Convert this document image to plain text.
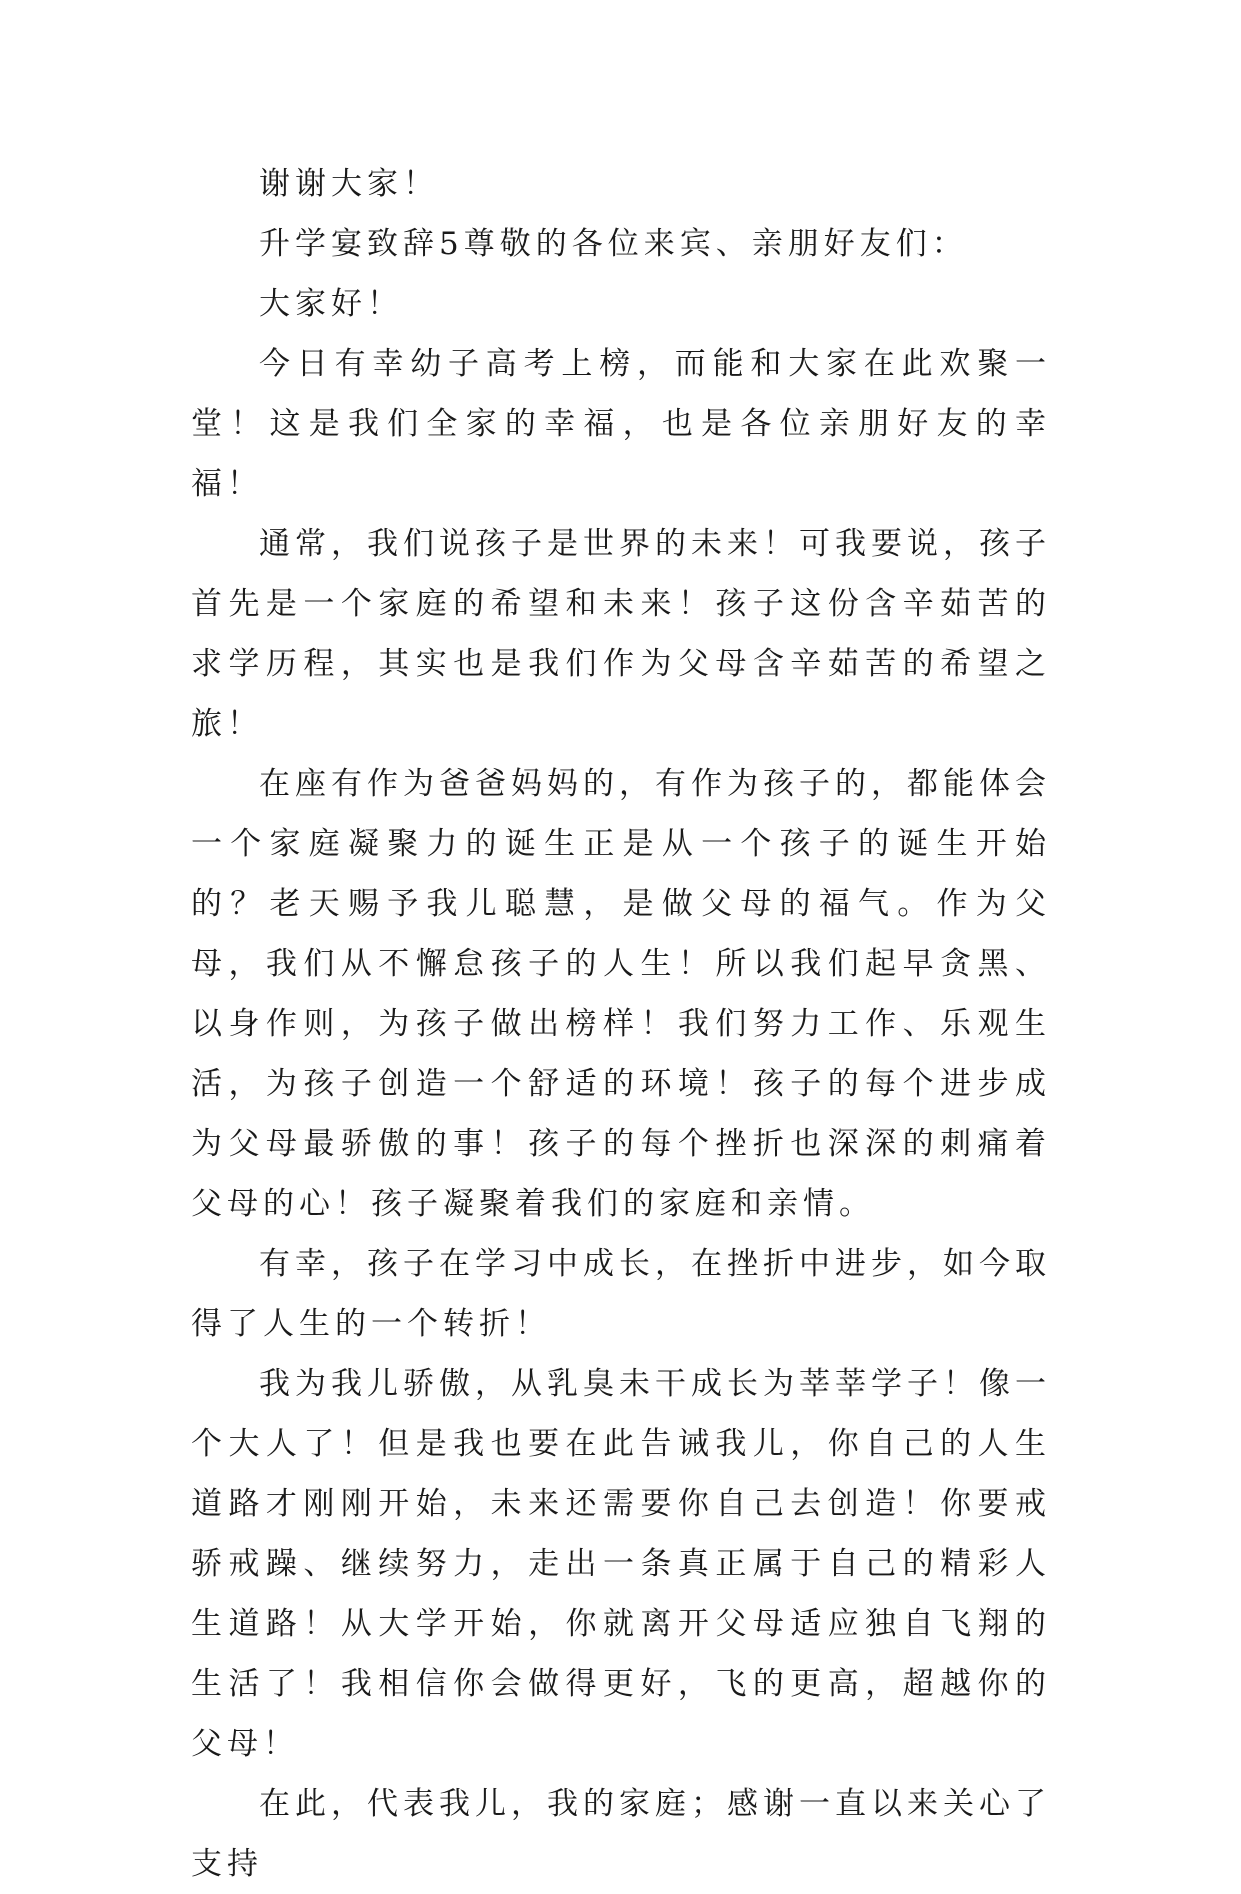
谢谢大家！

升学宴致辞5尊敬的各位来宾、亲朋好友们：

大家好！

今日有幸幼子高考上榜，而能和大家在此欢聚一堂！这是我们全家的幸福，也是各位亲朋好友的幸福！

通常，我们说孩子是世界的未来！可我要说，孩子首先是一个家庭的希望和未来！孩子这份含辛茹苦的求学历程，其实也是我们作为父母含辛茹苦的希望之旅！

在座有作为爸爸妈妈的，有作为孩子的，都能体会一个家庭凝聚力的诞生正是从一个孩子的诞生开始的？老天赐予我儿聪慧，是做父母的福气。作为父母，我们从不懈怠孩子的人生！所以我们起早贪黑、以身作则，为孩子做出榜样！我们努力工作、乐观生活，为孩子创造一个舒适的环境！孩子的每个进步成为父母最骄傲的事！孩子的每个挫折也深深的刺痛着父母的心！孩子凝聚着我们的家庭和亲情。

有幸，孩子在学习中成长，在挫折中进步，如今取得了人生的一个转折！

我为我儿骄傲，从乳臭未干成长为莘莘学子！像一个大人了！但是我也要在此告诫我儿，你自己的人生道路才刚刚开始，未来还需要你自己去创造！你要戒骄戒躁、继续努力，走出一条真正属于自己的精彩人生道路！从大学开始，你就离开父母适应独自飞翔的生活了！我相信你会做得更好，飞的更高，超越你的父母！

在此，代表我儿，我的家庭；感谢一直以来关心了支持
